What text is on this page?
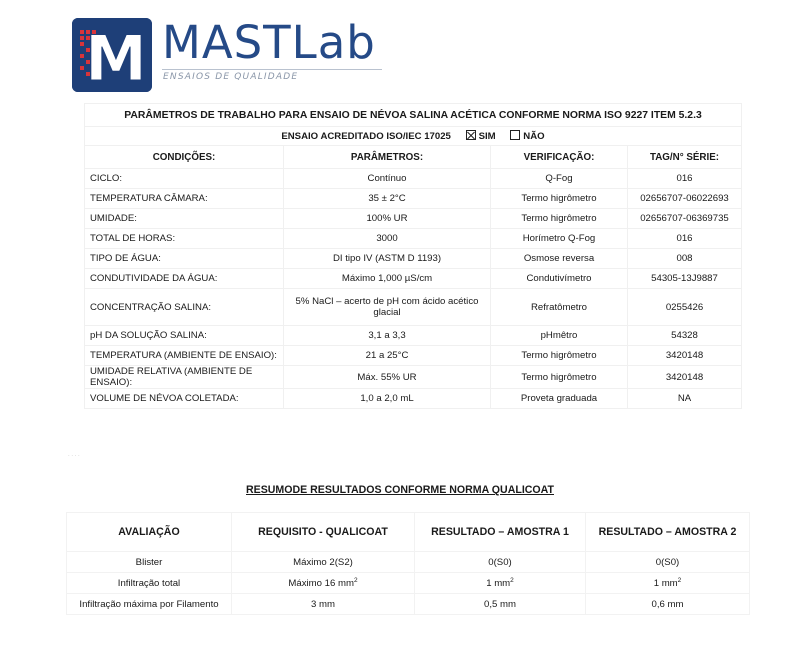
M MASTLab
ENSAIOS DE QUALIDADE
PARÂMETROS DE TRABALHO PARA ENSAIO DE NÉVOA SALINA ACÉTICA CONFORME NORMA ISO 9227 ITEM 5.2.3			
ENSAIO ACREDITADO ISO/IEC 17025 SIM NÃO			
CONDIÇÕES:	PARÂMETROS:	VERIFICAÇÃO:	TAG/N° SÉRIE:
CICLO:	Contínuo	Q-Fog	016
TEMPERATURA CÂMARA:	35 ± 2°C	Termo higrômetro	02656707-06022693
UMIDADE:	100% UR	Termo higrômetro	02656707-06369735
TOTAL DE HORAS:	3000	Horímetro Q-Fog	016
TIPO DE ÁGUA:	DI tipo IV (ASTM D 1193)	Osmose reversa	008
CONDUTIVIDADE DA ÁGUA:	Máximo 1,000 µS/cm	Condutivímetro	54305-13J9887
CONCENTRAÇÃO SALINA:	5% NaCl – acerto de pH com ácido acético glacial	Refratômetro	0255426
pH DA SOLUÇÃO SALINA:	3,1 a 3,3	pHmêtro	54328
TEMPERATURA (AMBIENTE DE ENSAIO):	21 a 25°C	Termo higrômetro	3420148
UMIDADE RELATIVA (AMBIENTE DE ENSAIO):	Máx. 55% UR	Termo higrômetro	3420148
VOLUME DE NÉVOA COLETADA:	1,0 a 2,0 mL	Proveta graduada	NA
. . . .
RESUMODE RESULTADOS CONFORME NORMA QUALICOAT
AVALIAÇÃO	REQUISITO - QUALICOAT	RESULTADO – AMOSTRA 1	RESULTADO – AMOSTRA 2
Blister	Máximo 2(S2)	0(S0)	0(S0)
Infiltração total	Máximo 16 $mm^2$	1 $mm^2$	1 $mm^2$
Infiltração máxima por Filamento	3 mm	0,5 mm	0,6 mm
